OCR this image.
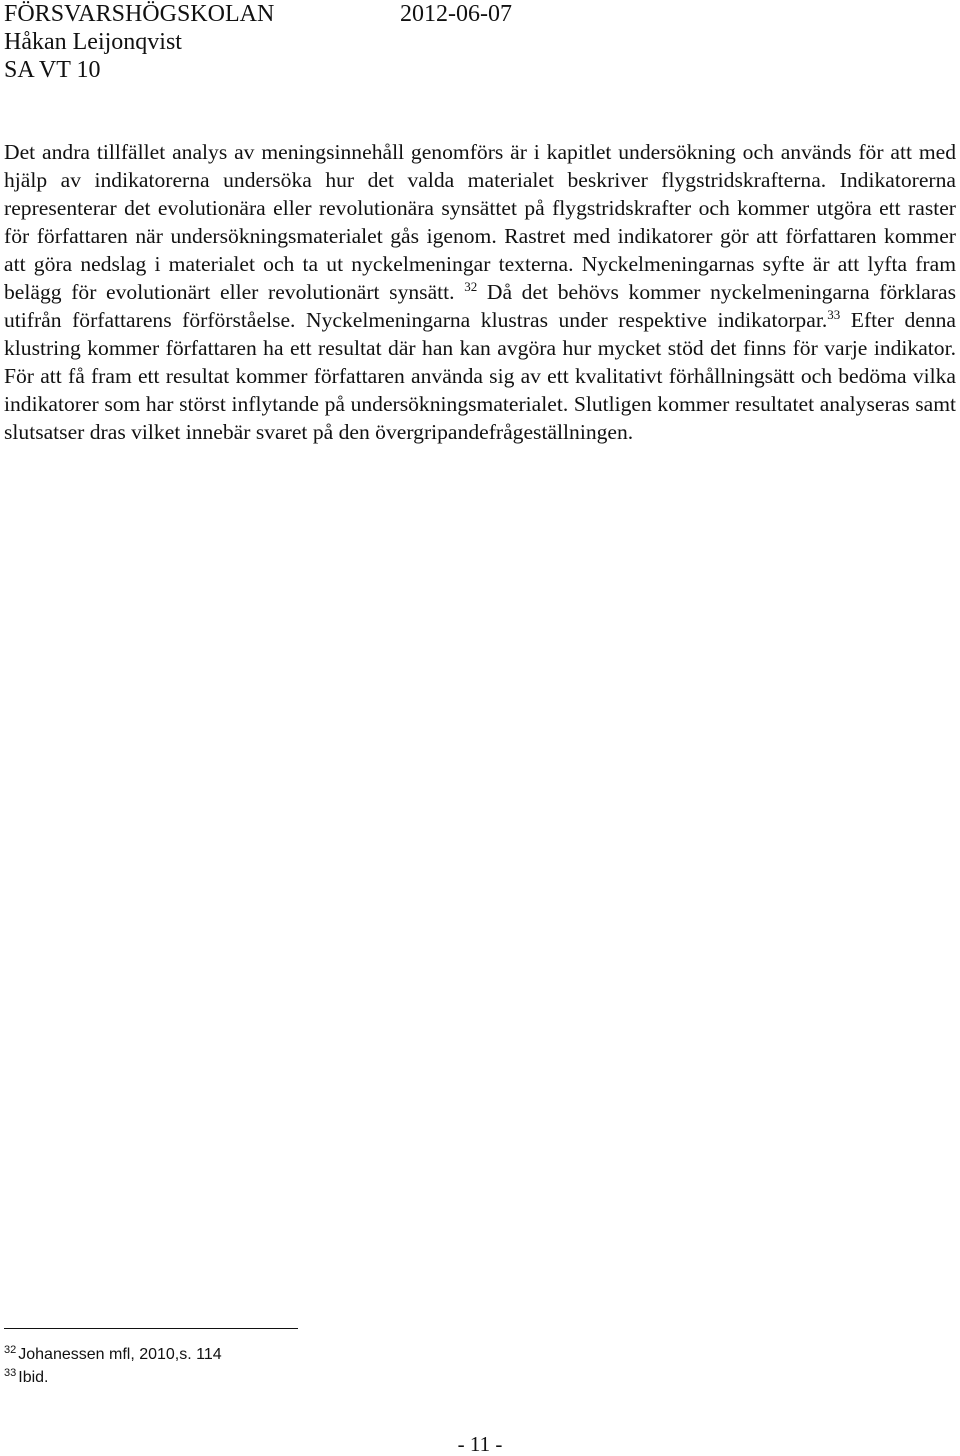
FÖRSVARSHÖGSKOLAN	2012-06-07
Håkan Leijonqvist
SA VT 10

Det andra tillfället analys av meningsinnehåll genomförs är i kapitlet undersökning och används för att med hjälp av indikatorerna undersöka hur det valda materialet beskriver flygstridskrafterna. Indikatorerna representerar det evolutionära eller revolutionära synsättet på flygstridskrafter och kommer utgöra ett raster för författaren när undersökningsmaterialet gås igenom. Rastret med indikatorer gör att författaren kommer att göra nedslag i materialet och ta ut nyckelmeningar texterna. Nyckelmeningarnas syfte är att lyfta fram belägg för evolutionärt eller revolutionärt synsätt. $^{32}$ Då det behövs kommer nyckelmeningarna förklaras utifrån författarens förförståelse. Nyckelmeningarna klustras under respektive indikatorpar.$^{33}$ Efter denna klustring kommer författaren ha ett resultat där han kan avgöra hur mycket stöd det finns för varje indikator. För att få fram ett resultat kommer författaren använda sig av ett kvalitativt förhållningsätt och bedöma vilka indikatorer som har störst inflytande på undersökningsmaterialet. Slutligen kommer resultatet analyseras samt slutsatser dras vilket innebär svaret på den övergripandefrågeställningen.

$^{32}$ Johanessen mfl, 2010,s. 114
$^{33}$ Ibid.
- 11 -
